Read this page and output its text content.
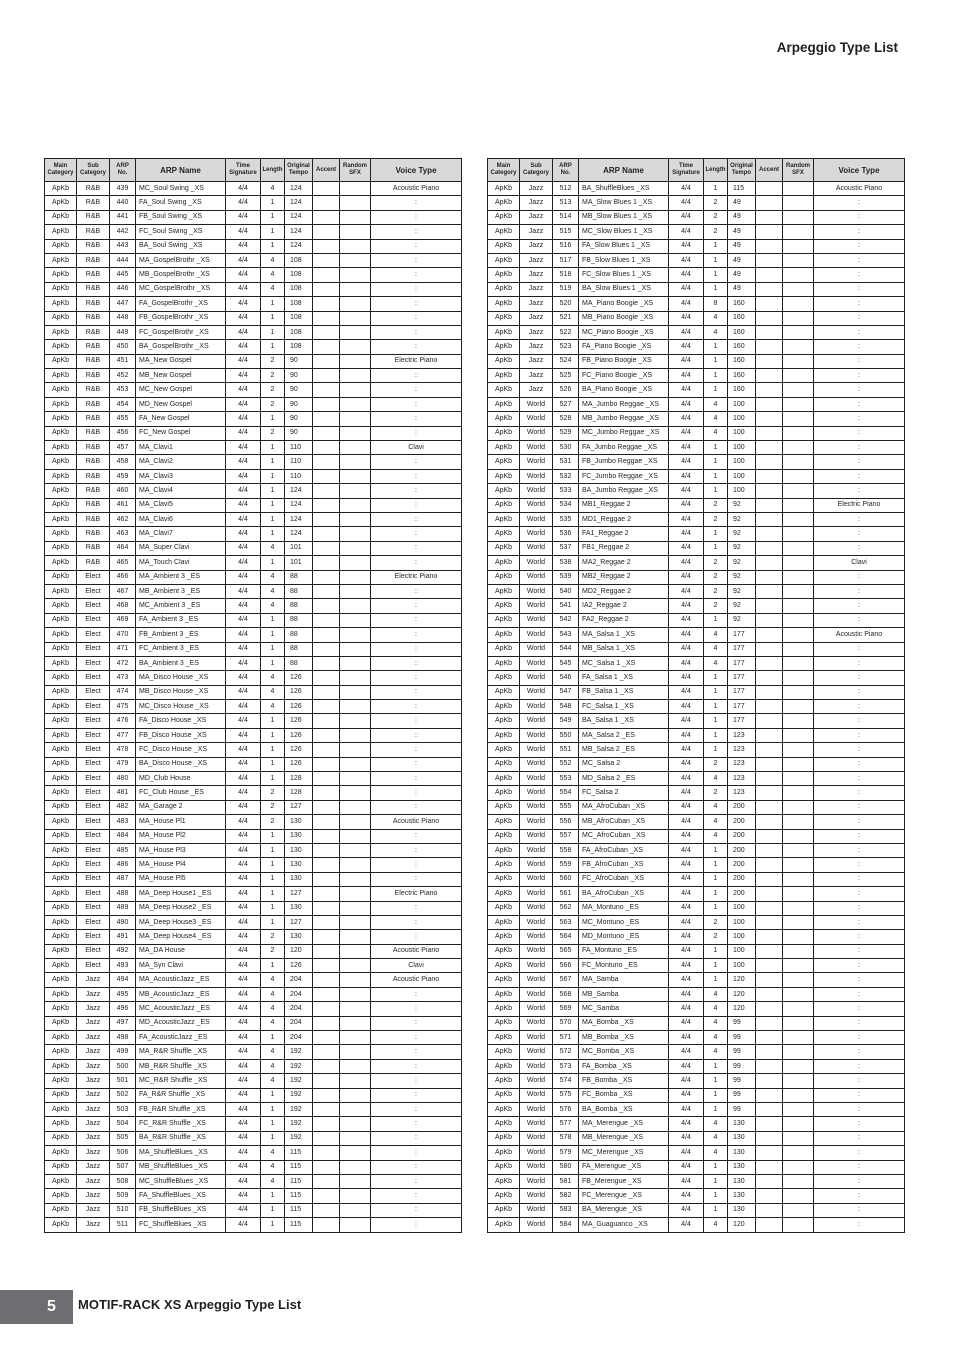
Arpeggio Type List
Main Category	Sub Category	ARP No.	ARP Name	Time Signature	Length	Original Tempo	Accent	Random SFX	Voice Type
ApKb	R&B	439	MC_Soul Swing _XS	4/4	4	124			Acoustic Piano
ApKb	R&B	440	FA_Soul Swing _XS	4/4	1	124			:
ApKb	R&B	441	FB_Soul Swing _XS	4/4	1	124			:
ApKb	R&B	442	FC_Soul Swing _XS	4/4	1	124			:
ApKb	R&B	443	BA_Soul Swing _XS	4/4	1	124			:
ApKb	R&B	444	MA_GospelBrothr _XS	4/4	4	108			:
ApKb	R&B	445	MB_GospelBrothr _XS	4/4	4	108			:
ApKb	R&B	446	MC_GospelBrothr _XS	4/4	4	108			:
ApKb	R&B	447	FA_GospelBrothr _XS	4/4	1	108			:
ApKb	R&B	448	FB_GospelBrothr _XS	4/4	1	108			:
ApKb	R&B	449	FC_GospelBrothr _XS	4/4	1	108			:
ApKb	R&B	450	BA_GospelBrothr _XS	4/4	1	108			:
ApKb	R&B	451	MA_New Gospel	4/4	2	90			Electric Piano
ApKb	R&B	452	MB_New Gospel	4/4	2	90			:
ApKb	R&B	453	MC_New Gospel	4/4	2	90			:
ApKb	R&B	454	MD_New Gospel	4/4	2	90			:
ApKb	R&B	455	FA_New Gospel	4/4	1	90			:
ApKb	R&B	456	FC_New Gospel	4/4	2	90			:
ApKb	R&B	457	MA_Clavi1	4/4	1	110			Clavi
ApKb	R&B	458	MA_Clavi2	4/4	1	110			:
ApKb	R&B	459	MA_Clavi3	4/4	1	110			:
ApKb	R&B	460	MA_Clavi4	4/4	1	124			:
ApKb	R&B	461	MA_Clavi5	4/4	1	124			:
ApKb	R&B	462	MA_Clavi6	4/4	1	124			:
ApKb	R&B	463	MA_Clavi7	4/4	1	124			:
ApKb	R&B	464	MA_Super Clavi	4/4	4	101			:
ApKb	R&B	465	MA_Touch Clavi	4/4	1	101			:
ApKb	Elect	466	MA_Ambient 3 _ES	4/4	4	88			Electric Piano
ApKb	Elect	467	MB_Ambient 3 _ES	4/4	4	88			:
ApKb	Elect	468	MC_Ambient 3 _ES	4/4	4	88			:
ApKb	Elect	469	FA_Ambient 3 _ES	4/4	1	88			:
ApKb	Elect	470	FB_Ambient 3 _ES	4/4	1	88			:
ApKb	Elect	471	FC_Ambient 3 _ES	4/4	1	88			:
ApKb	Elect	472	BA_Ambient 3 _ES	4/4	1	88			:
ApKb	Elect	473	MA_Disco House _XS	4/4	4	126			:
ApKb	Elect	474	MB_Disco House _XS	4/4	4	126			:
ApKb	Elect	475	MC_Disco House _XS	4/4	4	126			:
ApKb	Elect	476	FA_Disco House _XS	4/4	1	126			:
ApKb	Elect	477	FB_Disco House _XS	4/4	1	126			:
ApKb	Elect	478	FC_Disco House _XS	4/4	1	126			:
ApKb	Elect	479	BA_Disco House _XS	4/4	1	126			:
ApKb	Elect	480	MD_Club House	4/4	1	128			:
ApKb	Elect	481	FC_Club House _ES	4/4	2	128			:
ApKb	Elect	482	MA_Garage 2	4/4	2	127			:
ApKb	Elect	483	MA_House Pl1	4/4	2	130			Acoustic Piano
ApKb	Elect	484	MA_House Pl2	4/4	1	130			:
ApKb	Elect	485	MA_House Pl3	4/4	1	130			:
ApKb	Elect	486	MA_House Pl4	4/4	1	130			:
ApKb	Elect	487	MA_House Pl5	4/4	1	130			:
ApKb	Elect	488	MA_Deep House1 _ES	4/4	1	127			Electric Piano
ApKb	Elect	489	MA_Deep House2 _ES	4/4	1	130			:
ApKb	Elect	490	MA_Deep House3 _ES	4/4	1	127			:
ApKb	Elect	491	MA_Deep House4 _ES	4/4	2	130			:
ApKb	Elect	492	MA_DA House	4/4	2	120			Acoustic Piano
ApKb	Elect	493	MA_Syn Clavi	4/4	1	126			Clavi
ApKb	Jazz	494	MA_AcousticJazz _ES	4/4	4	204			Acoustic Piano
ApKb	Jazz	495	MB_AcousticJazz _ES	4/4	4	204			:
ApKb	Jazz	496	MC_AcousticJazz _ES	4/4	4	204			:
ApKb	Jazz	497	MD_AcousticJazz _ES	4/4	4	204			:
ApKb	Jazz	498	FA_AcousticJazz _ES	4/4	1	204			:
ApKb	Jazz	499	MA_R&R Shuffle _XS	4/4	4	192			:
ApKb	Jazz	500	MB_R&R Shuffle _XS	4/4	4	192			:
ApKb	Jazz	501	MC_R&R Shuffle _XS	4/4	4	192			:
ApKb	Jazz	502	FA_R&R Shuffle _XS	4/4	1	192			:
ApKb	Jazz	503	FB_R&R Shuffle _XS	4/4	1	192			:
ApKb	Jazz	504	FC_R&R Shuffle _XS	4/4	1	192			:
ApKb	Jazz	505	BA_R&R Shuffle _XS	4/4	1	192			:
ApKb	Jazz	506	MA_ShuffleBlues _XS	4/4	4	115			:
ApKb	Jazz	507	MB_ShuffleBlues _XS	4/4	4	115			:
ApKb	Jazz	508	MC_ShuffleBlues _XS	4/4	4	115			:
ApKb	Jazz	509	FA_ShuffleBlues _XS	4/4	1	115			:
ApKb	Jazz	510	FB_ShuffleBlues _XS	4/4	1	115			:
ApKb	Jazz	511	FC_ShuffleBlues _XS	4/4	1	115			:
Main Category	Sub Category	ARP No.	ARP Name	Time Signature	Length	Original Tempo	Accent	Random SFX	Voice Type
ApKb	Jazz	512	BA_ShuffleBlues _XS	4/4	1	115			Acoustic Piano
ApKb	Jazz	513	MA_Slow Blues 1 _XS	4/4	2	49			:
ApKb	Jazz	514	MB_Slow Blues 1 _XS	4/4	2	49			:
ApKb	Jazz	515	MC_Slow Blues 1 _XS	4/4	2	49			:
ApKb	Jazz	516	FA_Slow Blues 1 _XS	4/4	1	49			:
ApKb	Jazz	517	FB_Slow Blues 1 _XS	4/4	1	49			:
ApKb	Jazz	518	FC_Slow Blues 1 _XS	4/4	1	49			:
ApKb	Jazz	519	BA_Slow Blues 1 _XS	4/4	1	49			:
ApKb	Jazz	520	MA_Piano Boogie _XS	4/4	8	160			:
ApKb	Jazz	521	MB_Piano Boogie _XS	4/4	4	160			:
ApKb	Jazz	522	MC_Piano Boogie _XS	4/4	4	160			:
ApKb	Jazz	523	FA_Piano Boogie _XS	4/4	1	160			:
ApKb	Jazz	524	FB_Piano Boogie _XS	4/4	1	160			:
ApKb	Jazz	525	FC_Piano Boogie _XS	4/4	1	160			:
ApKb	Jazz	526	BA_Piano Boogie _XS	4/4	1	160			:
ApKb	World	527	MA_Jumbo Reggae _XS	4/4	4	100			:
ApKb	World	528	MB_Jumbo Reggae _XS	4/4	4	100			:
ApKb	World	529	MC_Jumbo Reggae _XS	4/4	4	100			:
ApKb	World	530	FA_Jumbo Reggae _XS	4/4	1	100			:
ApKb	World	531	FB_Jumbo Reggae _XS	4/4	1	100			:
ApKb	World	532	FC_Jumbo Reggae _XS	4/4	1	100			:
ApKb	World	533	BA_Jumbo Reggae _XS	4/4	1	100			:
ApKb	World	534	MB1_Reggae 2	4/4	2	92			Electric Piano
ApKb	World	535	MD1_Reggae 2	4/4	2	92			:
ApKb	World	536	FA1_Reggae 2	4/4	1	92			:
ApKb	World	537	FB1_Reggae 2	4/4	1	92			:
ApKb	World	538	MA2_Reggae 2	4/4	2	92			Clavi
ApKb	World	539	MB2_Reggae 2	4/4	2	92			:
ApKb	World	540	MD2_Reggae 2	4/4	2	92			:
ApKb	World	541	IA2_Reggae 2	4/4	2	92			:
ApKb	World	542	FA2_Reggae 2	4/4	1	92			:
ApKb	World	543	MA_Salsa 1 _XS	4/4	4	177			Acoustic Piano
ApKb	World	544	MB_Salsa 1 _XS	4/4	4	177			:
ApKb	World	545	MC_Salsa 1 _XS	4/4	4	177			:
ApKb	World	546	FA_Salsa 1 _XS	4/4	1	177			:
ApKb	World	547	FB_Salsa 1 _XS	4/4	1	177			:
ApKb	World	548	FC_Salsa 1 _XS	4/4	1	177			:
ApKb	World	549	BA_Salsa 1 _XS	4/4	1	177			:
ApKb	World	550	MA_Salsa 2 _ES	4/4	1	123			:
ApKb	World	551	MB_Salsa 2 _ES	4/4	1	123			:
ApKb	World	552	MC_Salsa 2	4/4	2	123			:
ApKb	World	553	MD_Salsa 2 _ES	4/4	4	123			:
ApKb	World	554	FC_Salsa 2	4/4	2	123			:
ApKb	World	555	MA_AfroCuban _XS	4/4	4	200			:
ApKb	World	556	MB_AfroCuban _XS	4/4	4	200			:
ApKb	World	557	MC_AfroCuban _XS	4/4	4	200			:
ApKb	World	558	FA_AfroCuban _XS	4/4	1	200			:
ApKb	World	559	FB_AfroCuban _XS	4/4	1	200			:
ApKb	World	560	FC_AfroCuban _XS	4/4	1	200			:
ApKb	World	561	BA_AfroCuban _XS	4/4	1	200			:
ApKb	World	562	MA_Montuno _ES	4/4	1	100			:
ApKb	World	563	MC_Montuno _ES	4/4	2	100			:
ApKb	World	564	MD_Montuno _ES	4/4	2	100			:
ApKb	World	565	FA_Montuno _ES	4/4	1	100			:
ApKb	World	566	FC_Montuno _ES	4/4	1	100			:
ApKb	World	567	MA_Samba	4/4	1	120			:
ApKb	World	568	MB_Samba	4/4	4	120			:
ApKb	World	569	MC_Samba	4/4	4	120			:
ApKb	World	570	MA_Bomba _XS	4/4	4	99			:
ApKb	World	571	MB_Bomba _XS	4/4	4	99			:
ApKb	World	572	MC_Bomba _XS	4/4	4	99			:
ApKb	World	573	FA_Bomba _XS	4/4	1	99			:
ApKb	World	574	FB_Bomba _XS	4/4	1	99			:
ApKb	World	575	FC_Bomba _XS	4/4	1	99			:
ApKb	World	576	BA_Bomba _XS	4/4	1	99			:
ApKb	World	577	MA_Merengue _XS	4/4	4	130			:
ApKb	World	578	MB_Merengue _XS	4/4	4	130			:
ApKb	World	579	MC_Merengue _XS	4/4	4	130			:
ApKb	World	580	FA_Merengue _XS	4/4	1	130			:
ApKb	World	581	FB_Merengue _XS	4/4	1	130			:
ApKb	World	582	FC_Merengue _XS	4/4	1	130			:
ApKb	World	583	BA_Merengue _XS	4/4	1	130			:
ApKb	World	584	MA_Guaguanco _XS	4/4	4	120			:
5 MOTIF-RACK XS Arpeggio Type List
